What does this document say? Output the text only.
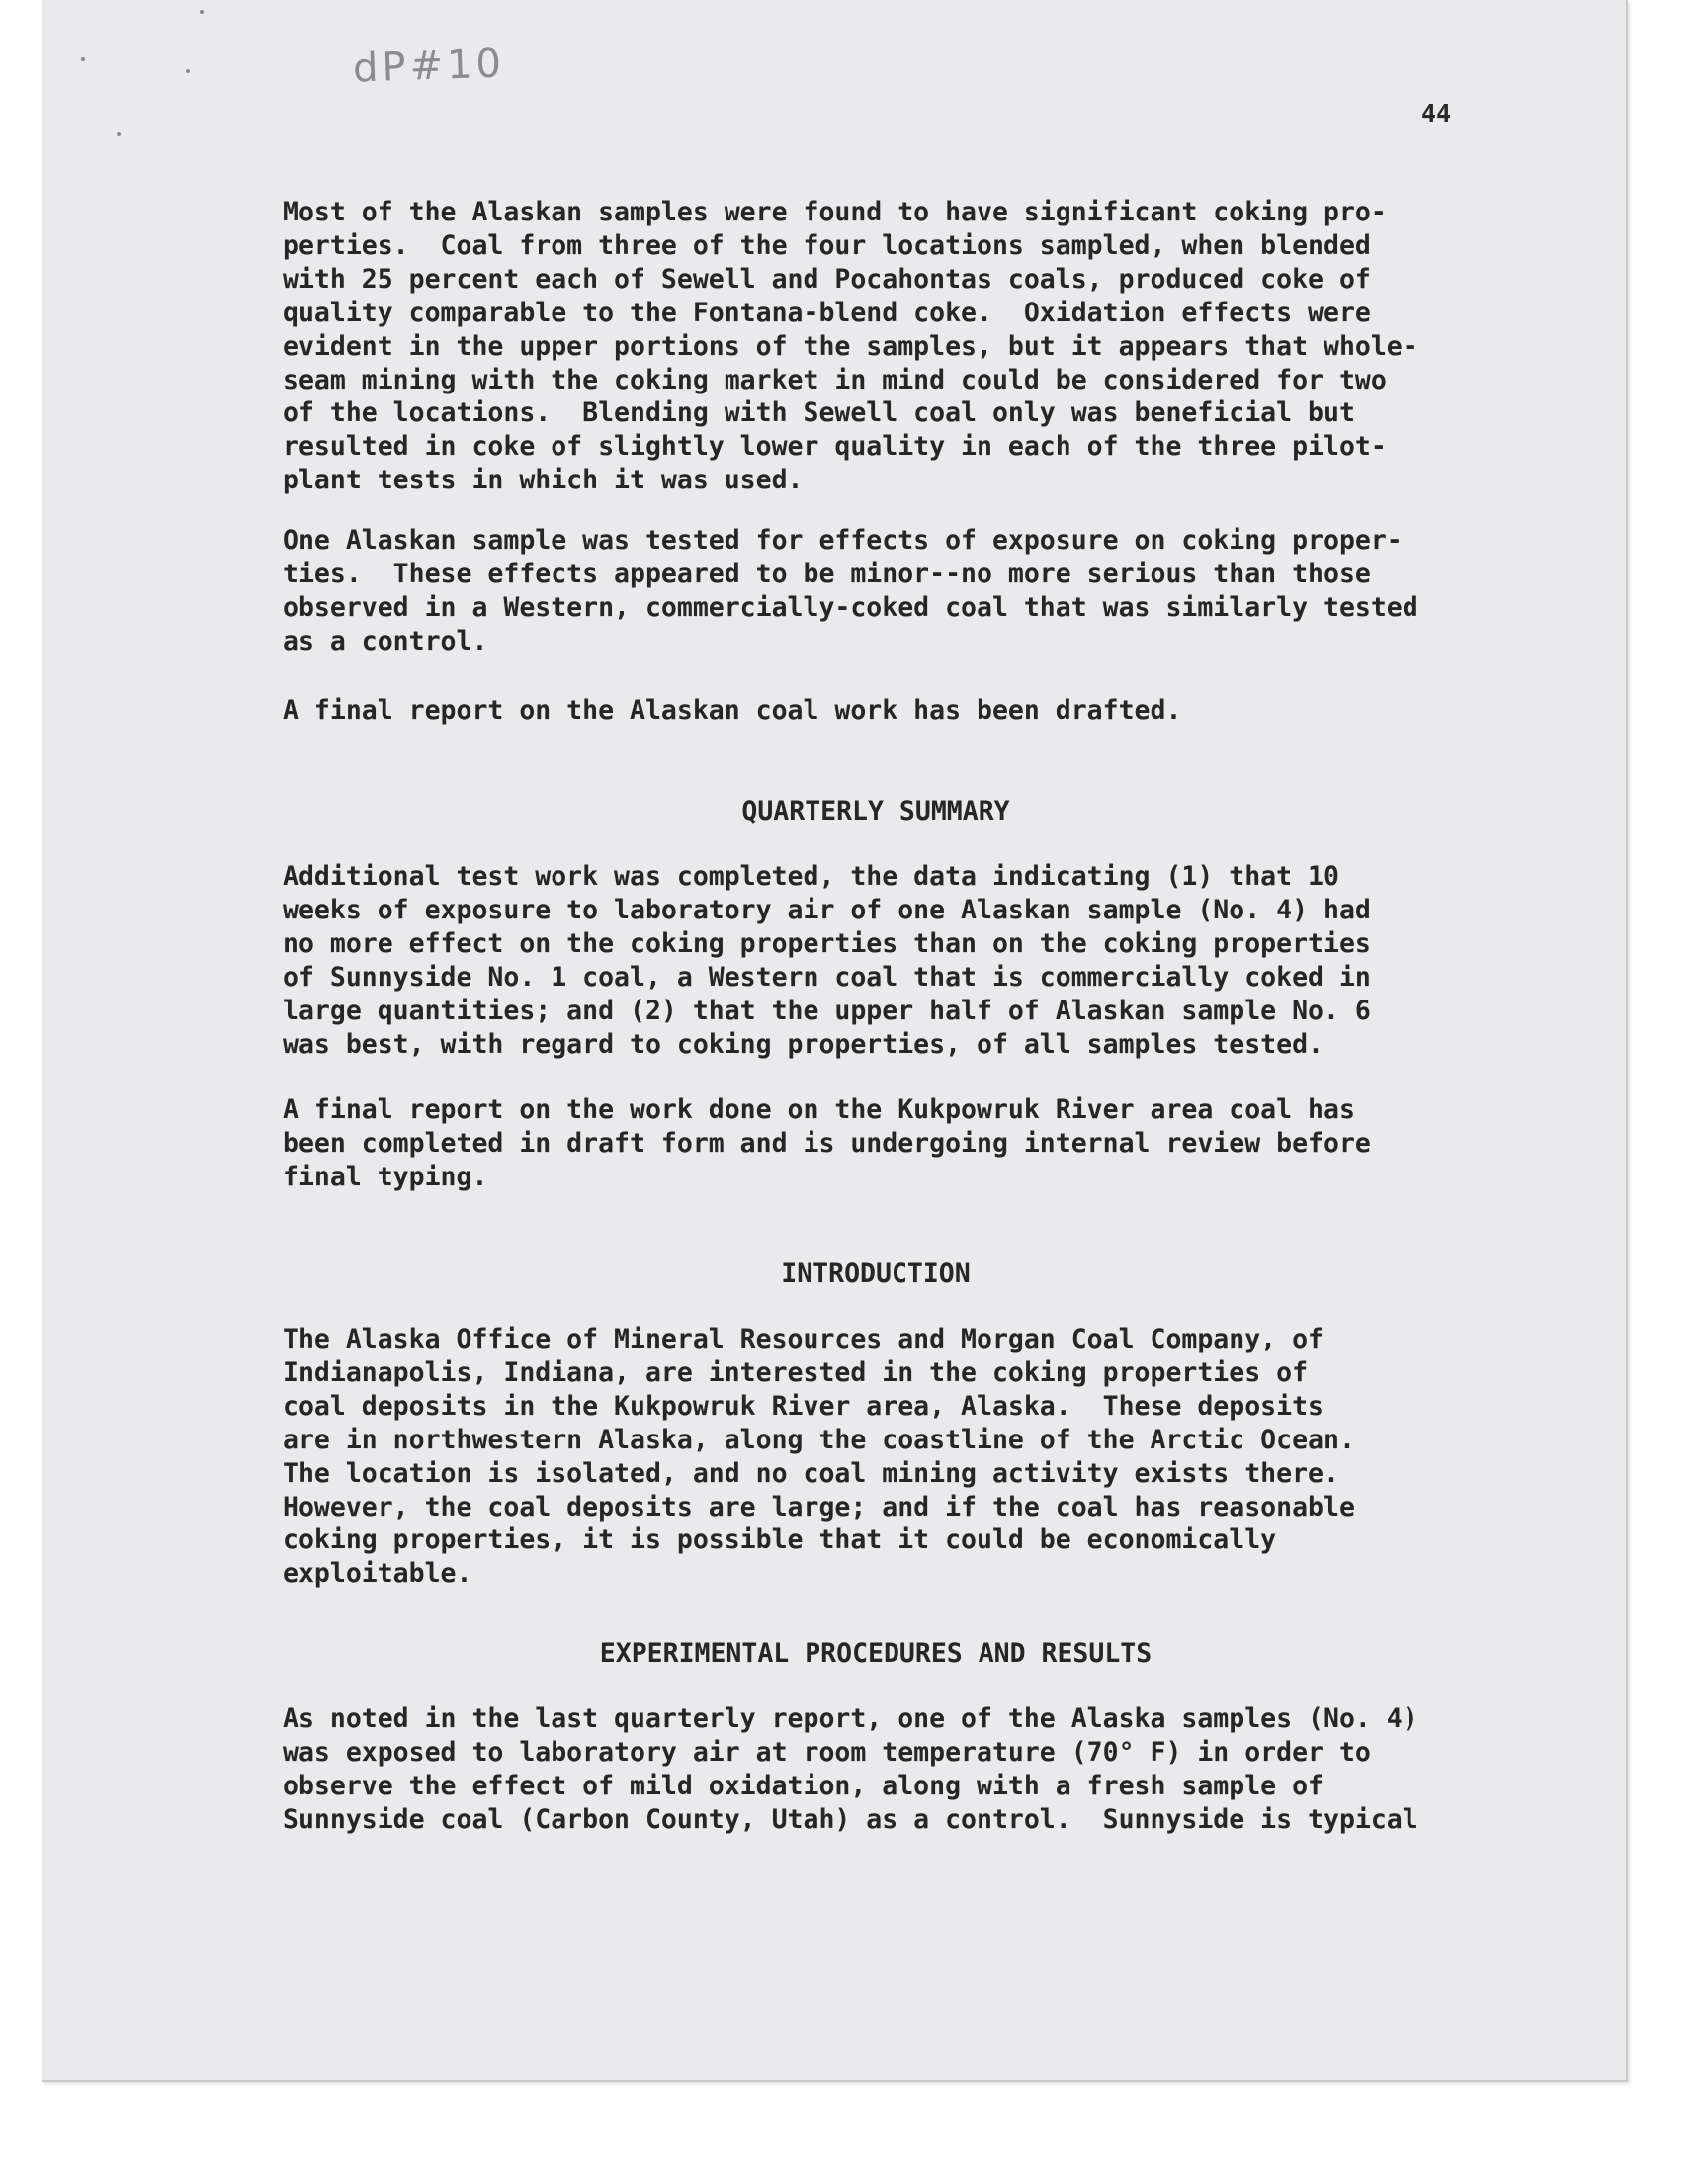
dP#10
44

Most of the Alaskan samples were found to have significant coking pro-
perties.  Coal from three of the four locations sampled, when blended
with 25 percent each of Sewell and Pocahontas coals, produced coke of
quality comparable to the Fontana-blend coke.  Oxidation effects were
evident in the upper portions of the samples, but it appears that whole-
seam mining with the coking market in mind could be considered for two
of the locations.  Blending with Sewell coal only was beneficial but
resulted in coke of slightly lower quality in each of the three pilot-
plant tests in which it was used.

One Alaskan sample was tested for effects of exposure on coking proper-
ties.  These effects appeared to be minor--no more serious than those
observed in a Western, commercially-coked coal that was similarly tested
as a control.

A final report on the Alaskan coal work has been drafted.

QUARTERLY SUMMARY

Additional test work was completed, the data indicating (1) that 10
weeks of exposure to laboratory air of one Alaskan sample (No. 4) had
no more effect on the coking properties than on the coking properties
of Sunnyside No. 1 coal, a Western coal that is commercially coked in
large quantities; and (2) that the upper half of Alaskan sample No. 6
was best, with regard to coking properties, of all samples tested.

A final report on the work done on the Kukpowruk River area coal has
been completed in draft form and is undergoing internal review before
final typing.

INTRODUCTION

The Alaska Office of Mineral Resources and Morgan Coal Company, of
Indianapolis, Indiana, are interested in the coking properties of
coal deposits in the Kukpowruk River area, Alaska.  These deposits
are in northwestern Alaska, along the coastline of the Arctic Ocean.
The location is isolated, and no coal mining activity exists there.
However, the coal deposits are large; and if the coal has reasonable
coking properties, it is possible that it could be economically
exploitable.

EXPERIMENTAL PROCEDURES AND RESULTS

As noted in the last quarterly report, one of the Alaska samples (No. 4)
was exposed to laboratory air at room temperature (70° F) in order to
observe the effect of mild oxidation, along with a fresh sample of
Sunnyside coal (Carbon County, Utah) as a control.  Sunnyside is typical
